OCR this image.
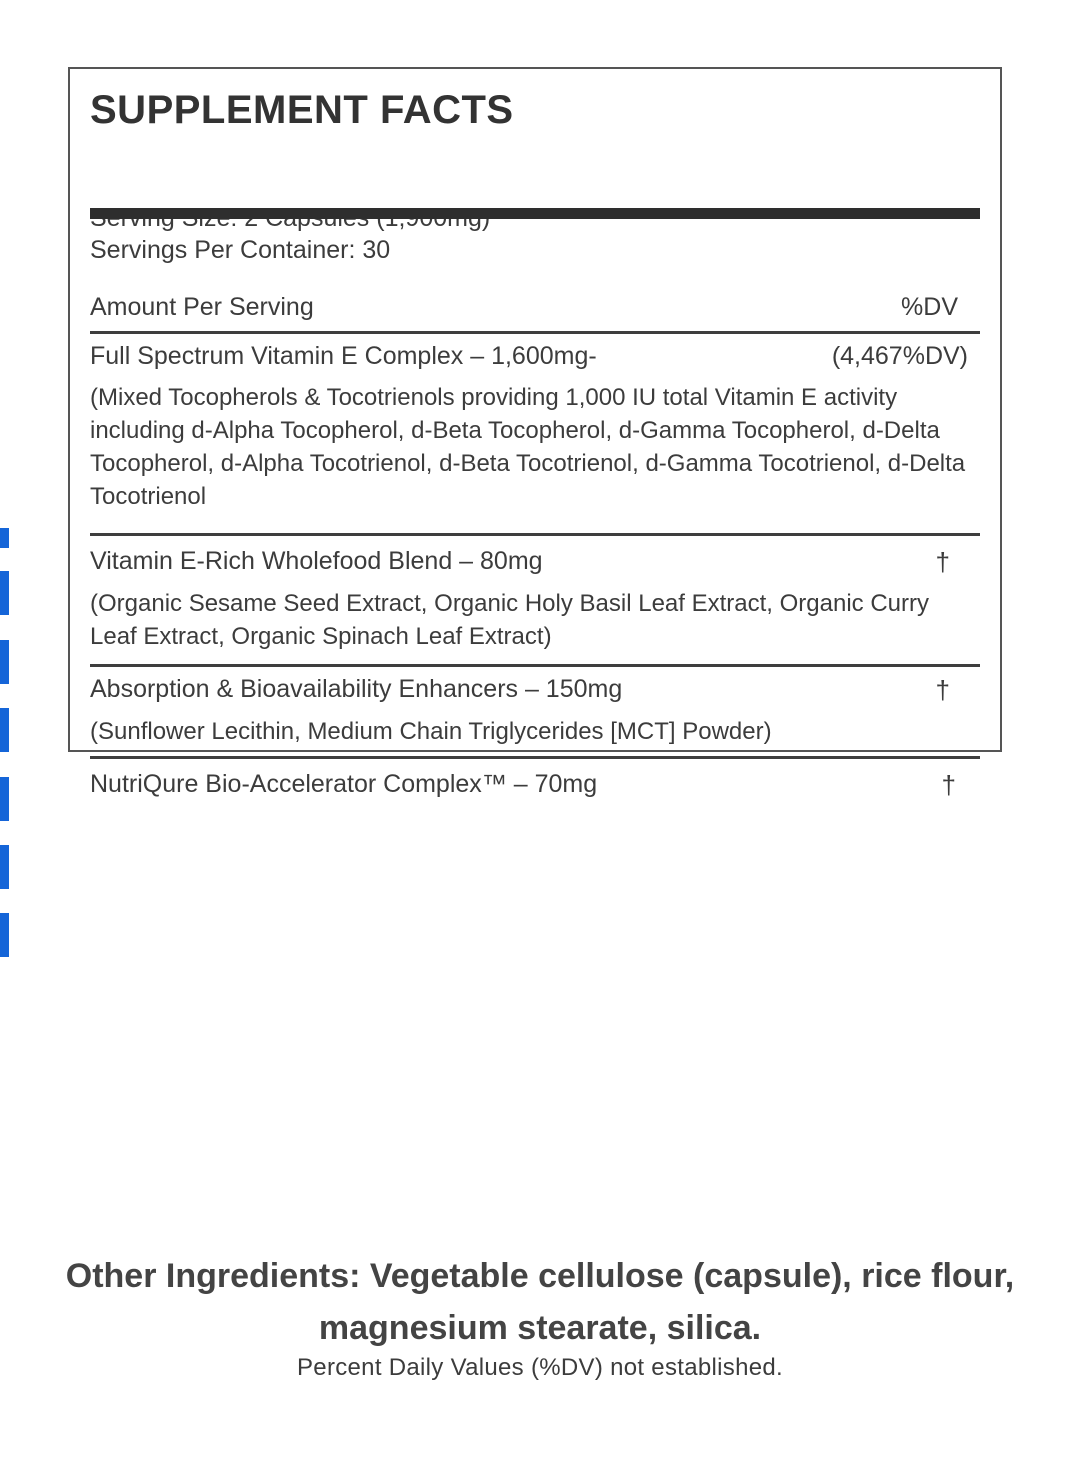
SUPPLEMENT FACTS
Servings Per Container: 30
Amount Per Serving	%DV
Full Spectrum Vitamin E Complex – 1,600mg-	(4,467%DV)
(Mixed Tocopherols & Tocotrienols providing 1,000 IU total Vitamin E activity including d-Alpha Tocopherol, d-Beta Tocopherol, d-Gamma Tocopherol, d-Delta Tocopherol, d-Alpha Tocotrienol, d-Beta Tocotrienol, d-Gamma Tocotrienol, d-Delta Tocotrienol
Vitamin E-Rich Wholefood Blend – 80mg	†
(Organic Sesame Seed Extract, Organic Holy Basil Leaf Extract, Organic Curry Leaf Extract, Organic Spinach Leaf Extract)
Absorption & Bioavailability Enhancers – 150mg	†
(Sunflower Lecithin, Medium Chain Triglycerides [MCT] Powder)
NutriQure Bio-Accelerator Complex™ – 70mg	†
Other Ingredients: Vegetable cellulose (capsule), rice flour, magnesium stearate, silica.
Percent Daily Values (%DV) not established.
